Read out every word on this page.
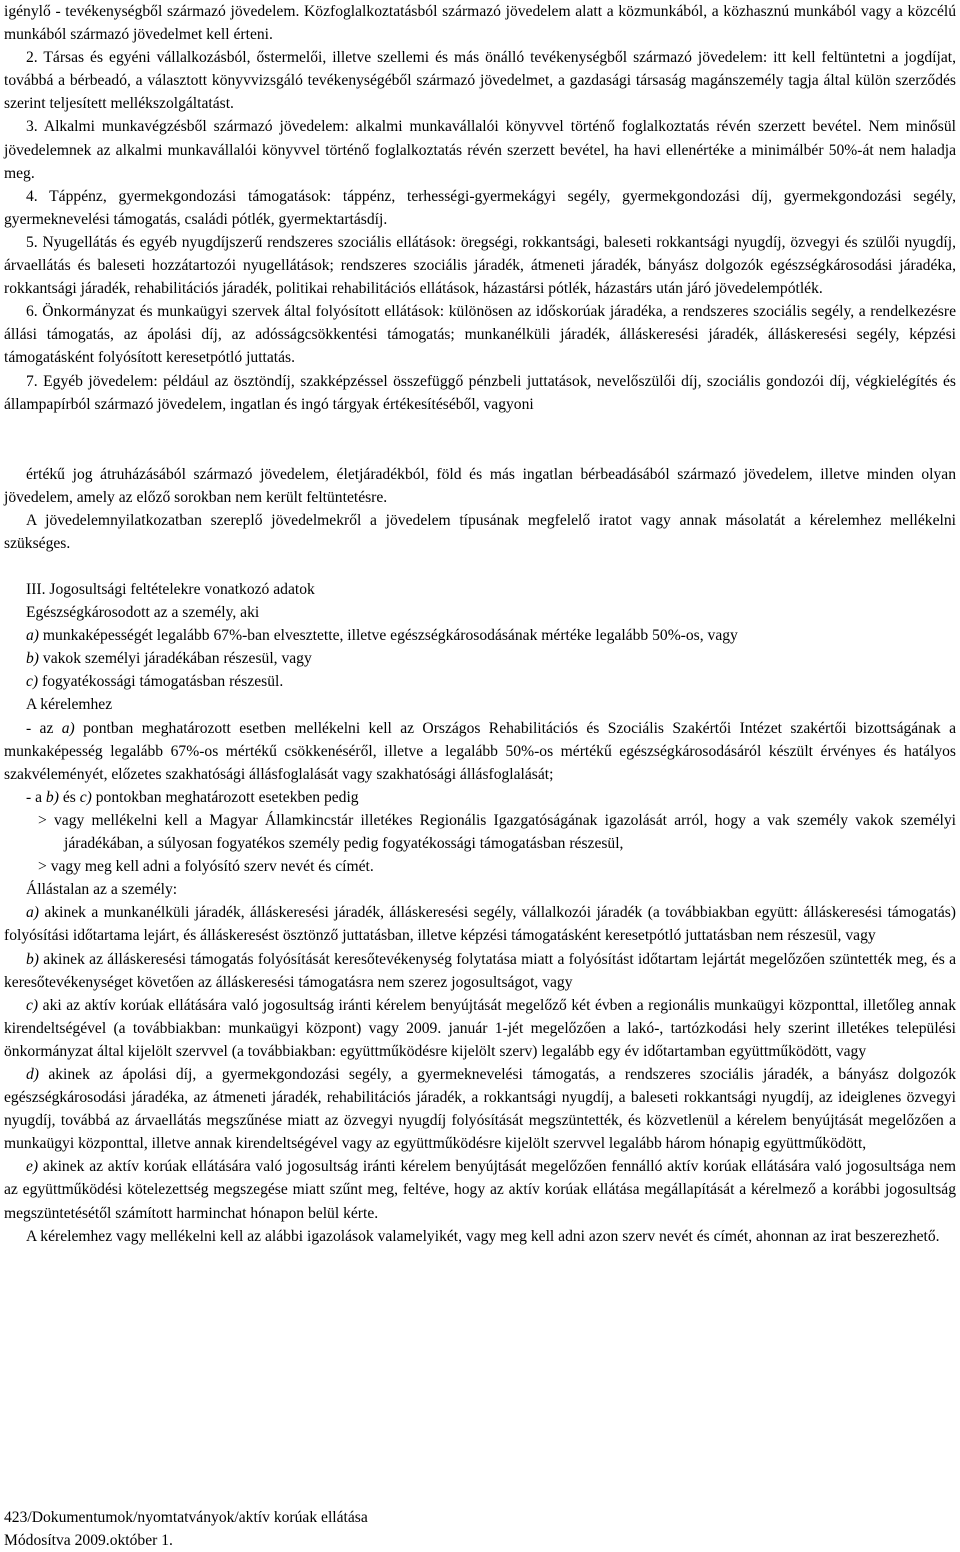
igénylő - tevékenységből származó jövedelem. Közfoglalkoztatásból származó jövedelem alatt a közmunkából, a közhasznú munkából vagy a közcélú munkából származó jövedelmet kell érteni.

2. Társas és egyéni vállalkozásból, őstermelői, illetve szellemi és más önálló tevékenységből származó jövedelem: itt kell feltüntetni a jogdíjat, továbbá a bérbeadó, a választott könyvvizsgáló tevékenységéből származó jövedelmet, a gazdasági társaság magánszemély tagja által külön szerződés szerint teljesített mellékszolgáltatást.

3. Alkalmi munkavégzésből származó jövedelem: alkalmi munkavállalói könyvvel történő foglalkoztatás révén szerzett bevétel. Nem minősül jövedelemnek az alkalmi munkavállalói könyvvel történő foglalkoztatás révén szerzett bevétel, ha havi ellenértéke a minimálbér 50%-át nem haladja meg.

4. Táppénz, gyermekgondozási támogatások: táppénz, terhességi-gyermekágyi segély, gyermekgondozási díj, gyermekgondozási segély, gyermeknevelési támogatás, családi pótlék, gyermektartásdíj.

5. Nyugellátás és egyéb nyugdíjszerű rendszeres szociális ellátások: öregségi, rokkantsági, baleseti rokkantsági nyugdíj, özvegyi és szülői nyugdíj, árvaellátás és baleseti hozzátartozói nyugellátások; rendszeres szociális járadék, átmeneti járadék, bányász dolgozók egészségkárosodási járadéka, rokkantsági járadék, rehabilitációs járadék, politikai rehabilitációs ellátások, házastársi pótlék, házastárs után járó jövedelempótlék.

6. Önkormányzat és munkaügyi szervek által folyósított ellátások: különösen az időskorúak járadéka, a rendszeres szociális segély, a rendelkezésre állási támogatás, az ápolási díj, az adósságcsökkentési támogatás; munkanélküli járadék, álláskeresési járadék, álláskeresési segély, képzési támogatásként folyósított keresetpótló juttatás.

7. Egyéb jövedelem: például az ösztöndíj, szakképzéssel összefüggő pénzbeli juttatások, nevelőszülői díj, szociális gondozói díj, végkielégítés és állampapírból származó jövedelem, ingatlan és ingó tárgyak értékesítéséből, vagyoni

értékű jog átruházásából származó jövedelem, életjáradékból, föld és más ingatlan bérbeadásából származó jövedelem, illetve minden olyan jövedelem, amely az előző sorokban nem került feltüntetésre.

A jövedelemnyilatkozatban szereplő jövedelmekről a jövedelem típusának megfelelő iratot vagy annak másolatát a kérelemhez mellékelni szükséges.

III. Jogosultsági feltételekre vonatkozó adatok

Egészségkárosodott az a személy, aki

a) munkaképességét legalább 67%-ban elvesztette, illetve egészségkárosodásának mértéke legalább 50%-os, vagy

b) vakok személyi járadékában részesül, vagy

c) fogyatékossági támogatásban részesül.

A kérelemhez

- az a) pontban meghatározott esetben mellékelni kell az Országos Rehabilitációs és Szociális Szakértői Intézet szakértői bizottságának a munkaképesség legalább 67%-os mértékű csökkenéséről, illetve a legalább 50%-os mértékű egészségkárosodásáról készült érvényes és hatályos szakvéleményét, előzetes szakhatósági állásfoglalását vagy szakhatósági állásfoglalását;

- a b) és c) pontokban meghatározott esetekben pedig

> vagy mellékelni kell a Magyar Államkincstár illetékes Regionális Igazgatóságának igazolását arról, hogy a vak személy vakok személyi járadékában, a súlyosan fogyatékos személy pedig fogyatékossági támogatásban részesül,

> vagy meg kell adni a folyósító szerv nevét és címét.

Állástalan az a személy:

a) akinek a munkanélküli járadék, álláskeresési járadék, álláskeresési segély, vállalkozói járadék (a továbbiakban együtt: álláskeresési támogatás) folyósítási időtartama lejárt, és álláskeresést ösztönző juttatásban, illetve képzési támogatásként keresetpótló juttatásban nem részesül, vagy

b) akinek az álláskeresési támogatás folyósítását keresőtevékenység folytatása miatt a folyósítást időtartam lejártát megelőzően szüntették meg, és a keresőtevékenységet követően az álláskeresési támogatásra nem szerez jogosultságot, vagy

c) aki az aktív korúak ellátására való jogosultság iránti kérelem benyújtását megelőző két évben a regionális munkaügyi központtal, illetőleg annak kirendeltségével (a továbbiakban: munkaügyi központ) vagy 2009. január 1-jét megelőzően a lakó-, tartózkodási hely szerint illetékes települési önkormányzat által kijelölt szervvel (a továbbiakban: együttműködésre kijelölt szerv) legalább egy év időtartamban együttműködött, vagy

d) akinek az ápolási díj, a gyermekgondozási segély, a gyermeknevelési támogatás, a rendszeres szociális járadék, a bányász dolgozók egészségkárosodási járadéka, az átmeneti járadék, rehabilitációs járadék, a rokkantsági nyugdíj, a baleseti rokkantsági nyugdíj, az ideiglenes özvegyi nyugdíj, továbbá az árvaellátás megszűnése miatt az özvegyi nyugdíj folyósítását megszüntették, és közvetlenül a kérelem benyújtását megelőzően a munkaügyi központtal, illetve annak kirendeltségével vagy az együttműködésre kijelölt szervvel legalább három hónapig együttműködött,

e) akinek az aktív korúak ellátására való jogosultság iránti kérelem benyújtását megelőzően fennálló aktív korúak ellátására való jogosultsága nem az együttműködési kötelezettség megszegése miatt szűnt meg, feltéve, hogy az aktív korúak ellátása megállapítását a kérelmező a korábbi jogosultság megszüntetésétől számított harminchat hónapon belül kérte.

A kérelemhez vagy mellékelni kell az alábbi igazolások valamelyikét, vagy meg kell adni azon szerv nevét és címét, ahonnan az irat beszerezhető.

423/Dokumentumok/nyomtatványok/aktív korúak ellátása
Módosítva 2009.október 1.
